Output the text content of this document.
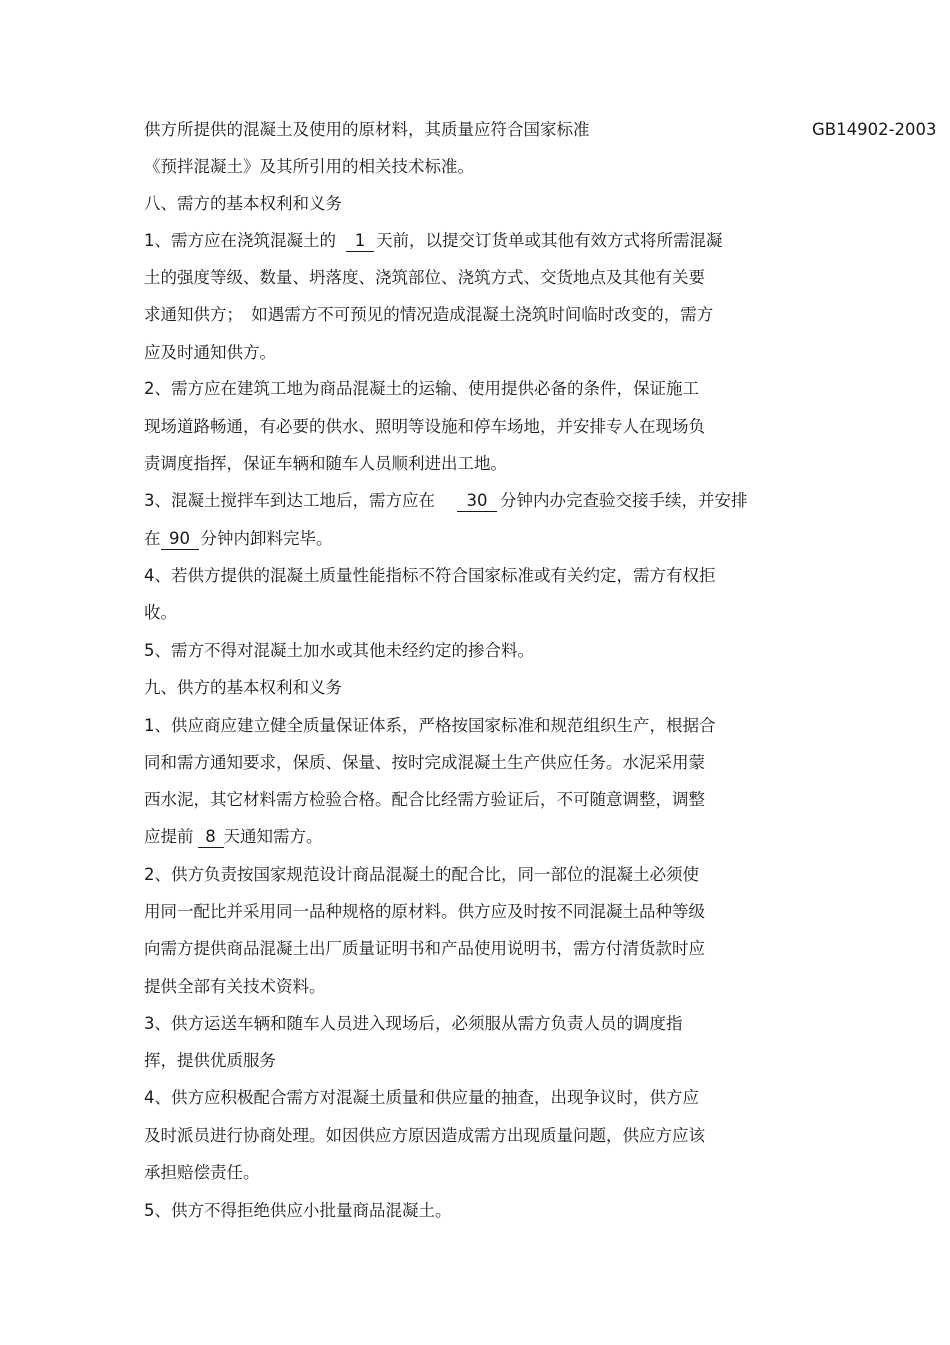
供方所提供的混凝土及使用的原材料，其质量应符合国家标准	GB14902-2003
《预拌混凝土》及其所引用的相关技术标准。
八、需方的基本权利和义务
1、需方应在浇筑混凝土的 1 天前，以提交订货单或其他有效方式将所需混凝
土的强度等级、数量、坍落度、浇筑部位、浇筑方式、交货地点及其他有关要
求通知供方；　如遇需方不可预见的情况造成混凝土浇筑时间临时改变的，需方
应及时通知供方。
2、需方应在建筑工地为商品混凝土的运输、使用提供必备的条件，保证施工
现场道路畅通，有必要的供水、照明等设施和停车场地，并安排专人在现场负
责调度指挥，保证车辆和随车人员顺利进出工地。
3、混凝土搅拌车到达工地后，需方应在 30 分钟内办完查验交接手续，并安排
在 90 分钟内卸料完毕。
4、若供方提供的混凝土质量性能指标不符合国家标准或有关约定，需方有权拒
收。
5、需方不得对混凝土加水或其他未经约定的掺合料。
九、供方的基本权利和义务
1、供应商应建立健全质量保证体系，严格按国家标准和规范组织生产，根据合
同和需方通知要求，保质、保量、按时完成混凝土生产供应任务。水泥采用蒙
西水泥，其它材料需方检验合格。配合比经需方验证后，不可随意调整，调整
应提前 8 天通知需方。
2、供方负责按国家规范设计商品混凝土的配合比，同一部位的混凝土必须使
用同一配比并采用同一品种规格的原材料。供方应及时按不同混凝土品种等级
向需方提供商品混凝土出厂质量证明书和产品使用说明书，需方付清货款时应
提供全部有关技术资料。
3、供方运送车辆和随车人员进入现场后，必须服从需方负责人员的调度指
挥，提供优质服务
4、供方应积极配合需方对混凝土质量和供应量的抽查，出现争议时，供方应
及时派员进行协商处理。如因供应方原因造成需方出现质量问题，供应方应该
承担赔偿责任。
5、供方不得拒绝供应小批量商品混凝土。
